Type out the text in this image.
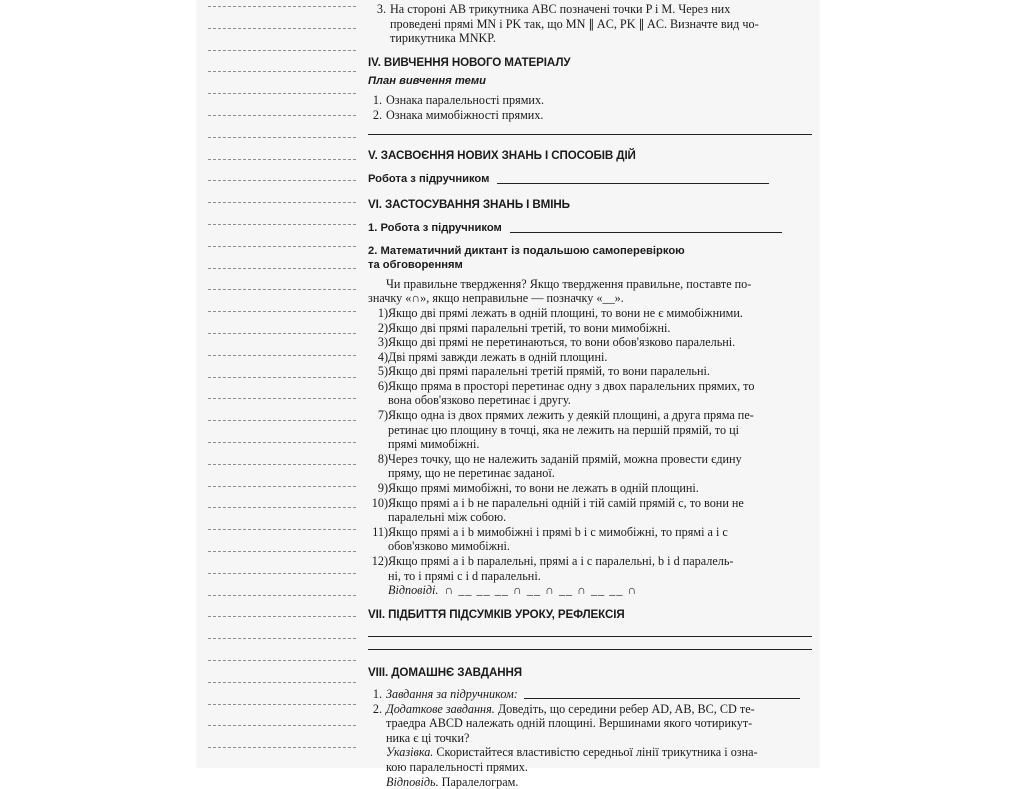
3. На стороні AB трикутника ABC позначені точки P і M. Через них
проведені прямі MN і PK так, що MN ∥ AC, PK ∥ AC. Визначте вид чо-
тирикутника MNKP.
IV. ВИВЧЕННЯ НОВОГО МАТЕРІАЛУ
План вивчення теми
1. Ознака паралельності прямих.
2. Ознака мимобіжності прямих.
V. ЗАСВОЄННЯ НОВИХ ЗНАНЬ І СПОСОБІВ ДІЙ
Робота з підручником
VI. ЗАСТОСУВАННЯ ЗНАНЬ І ВМІНЬ
1. Робота з підручником
2. Математичний диктант із подальшою самоперевіркою
та обговоренням
Чи правильне твердження? Якщо твердження правильне, поставте по-
значку «∩», якщо неправильне — позначку «__».
1) Якщо дві прямі лежать в одній площині, то вони не є мимобіжними.
2) Якщо дві прямі паралельні третій, то вони мимобіжні.
3) Якщо дві прямі не перетинаються, то вони обов'язково паралельні.
4) Дві прямі завжди лежать в одній площині.
5) Якщо дві прямі паралельні третій прямій, то вони паралельні.
6) Якщо пряма в просторі перетинає одну з двох паралельних прямих, то
вона обов'язково перетинає і другу.
7) Якщо одна із двох прямих лежить у деякій площині, а друга пряма пе-
ретинає цю площину в точці, яка не лежить на першій прямій, то ці
прямі мимобіжні.
8) Через точку, що не належить заданій прямій, можна провести єдину
пряму, що не перетинає заданої.
9) Якщо прямі мимобіжні, то вони не лежать в одній площині.
10) Якщо прямі a і b не паралельні одній і тій самій прямій c, то вони не
паралельні між собою.
11) Якщо прямі a і b мимобіжні і прямі b і c мимобіжні, то прямі a і c
обов'язково мимобіжні.
12) Якщо прямі a і b паралельні, прямі a і c паралельні, b і d паралель-
ні, то і прямі c і d паралельні.
Відповіді. ∩ __ __ __ ∩ __ ∩ __ ∩ __ __ ∩
VII. ПІДБИТТЯ ПІДСУМКІВ УРОКУ, РЕФЛЕКСІЯ
VIII. ДОМАШНЄ ЗАВДАННЯ
1. Завдання за підручником:
2. Додаткове завдання. Доведіть, що середини ребер AD, AB, BC, CD те-
траедра ABCD належать одній площині. Вершинами якого чотирикут-
ника є ці точки?
Указівка. Скористайтеся властивістю середньої лінії трикутника і озна-
кою паралельності прямих.
Відповідь. Паралелограм.
